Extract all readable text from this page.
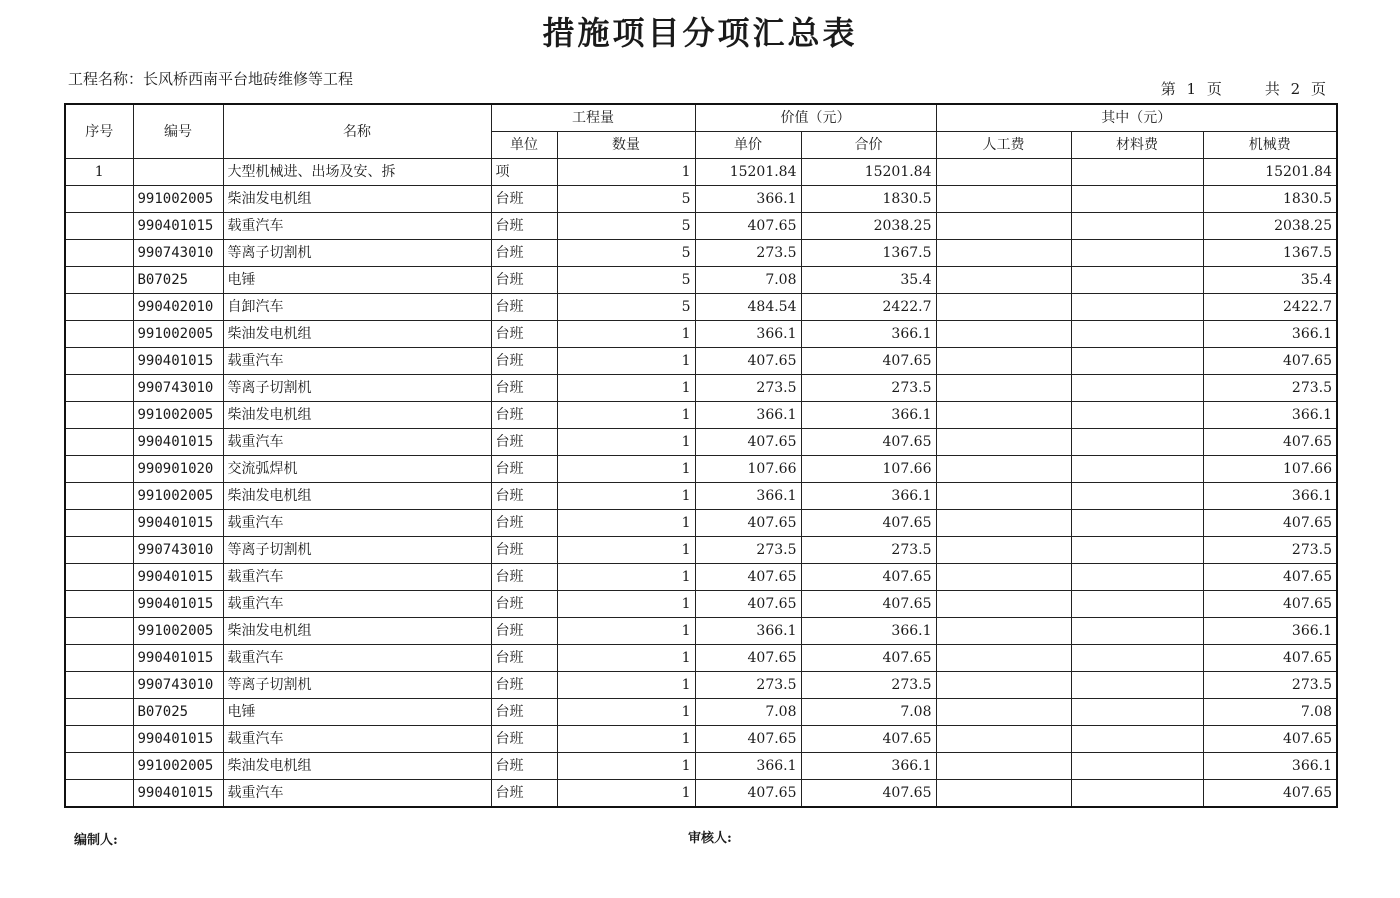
措施项目分项汇总表
工程名称：长风桥西南平台地砖维修等工程
第 1 页	共 2 页
序号	编号	名称	工程量		价值（元）		其中（元）		
			单位	数量	单价	合价	人工费	材料费	机械费
1		大型机械进、出场及安、拆	项	1	15201.84	15201.84			15201.84
	991002005	柴油发电机组	台班	5	366.1	1830.5			1830.5
	990401015	载重汽车	台班	5	407.65	2038.25			2038.25
	990743010	等离子切割机	台班	5	273.5	1367.5			1367.5
	B07025	电锤	台班	5	7.08	35.4			35.4
	990402010	自卸汽车	台班	5	484.54	2422.7			2422.7
	991002005	柴油发电机组	台班	1	366.1	366.1			366.1
	990401015	载重汽车	台班	1	407.65	407.65			407.65
	990743010	等离子切割机	台班	1	273.5	273.5			273.5
	991002005	柴油发电机组	台班	1	366.1	366.1			366.1
	990401015	载重汽车	台班	1	407.65	407.65			407.65
	990901020	交流弧焊机	台班	1	107.66	107.66			107.66
	991002005	柴油发电机组	台班	1	366.1	366.1			366.1
	990401015	载重汽车	台班	1	407.65	407.65			407.65
	990743010	等离子切割机	台班	1	273.5	273.5			273.5
	990401015	载重汽车	台班	1	407.65	407.65			407.65
	990401015	载重汽车	台班	1	407.65	407.65			407.65
	991002005	柴油发电机组	台班	1	366.1	366.1			366.1
	990401015	载重汽车	台班	1	407.65	407.65			407.65
	990743010	等离子切割机	台班	1	273.5	273.5			273.5
	B07025	电锤	台班	1	7.08	7.08			7.08
	990401015	载重汽车	台班	1	407.65	407.65			407.65
	991002005	柴油发电机组	台班	1	366.1	366.1			366.1
	990401015	载重汽车	台班	1	407.65	407.65			407.65
编制人:	审核人:
